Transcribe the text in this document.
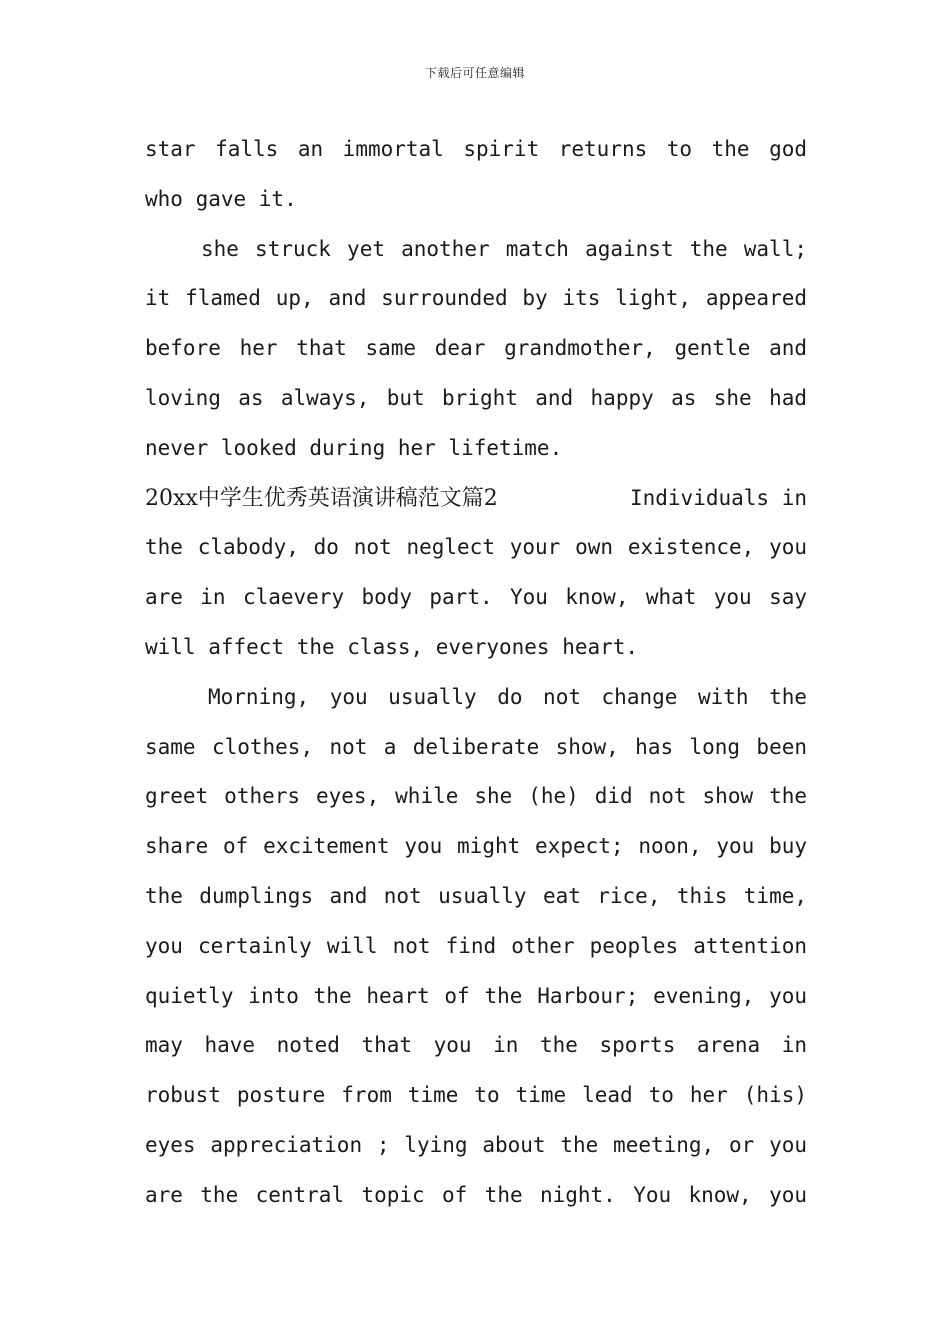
下载后可任意编辑
star falls an immortal spirit returns to the god
who gave it.
she struck yet another match against the wall;
it flamed up, and surrounded by its light, appeared
before her that same dear grandmother, gentle and
loving as always, but bright and happy as she had
never looked during her lifetime.
20xx中学生优秀英语演讲稿范文篇2	Individuals in
the clabody, do not neglect your own existence, you
are in claevery body part. You know, what you say
will affect the class, everyones heart.
Morning, you usually do not change with the
same clothes, not a deliberate show, has long been
greet others eyes, while she (he) did not show the
share of excitement you might expect; noon, you buy
the dumplings and not usually eat rice, this time,
you certainly will not find other peoples attention
quietly into the heart of the Harbour; evening, you
may have noted that you in the sports arena in
robust posture from time to time lead to her (his)
eyes appreciation ; lying about the meeting, or you
are the central topic of the night. You know, you
